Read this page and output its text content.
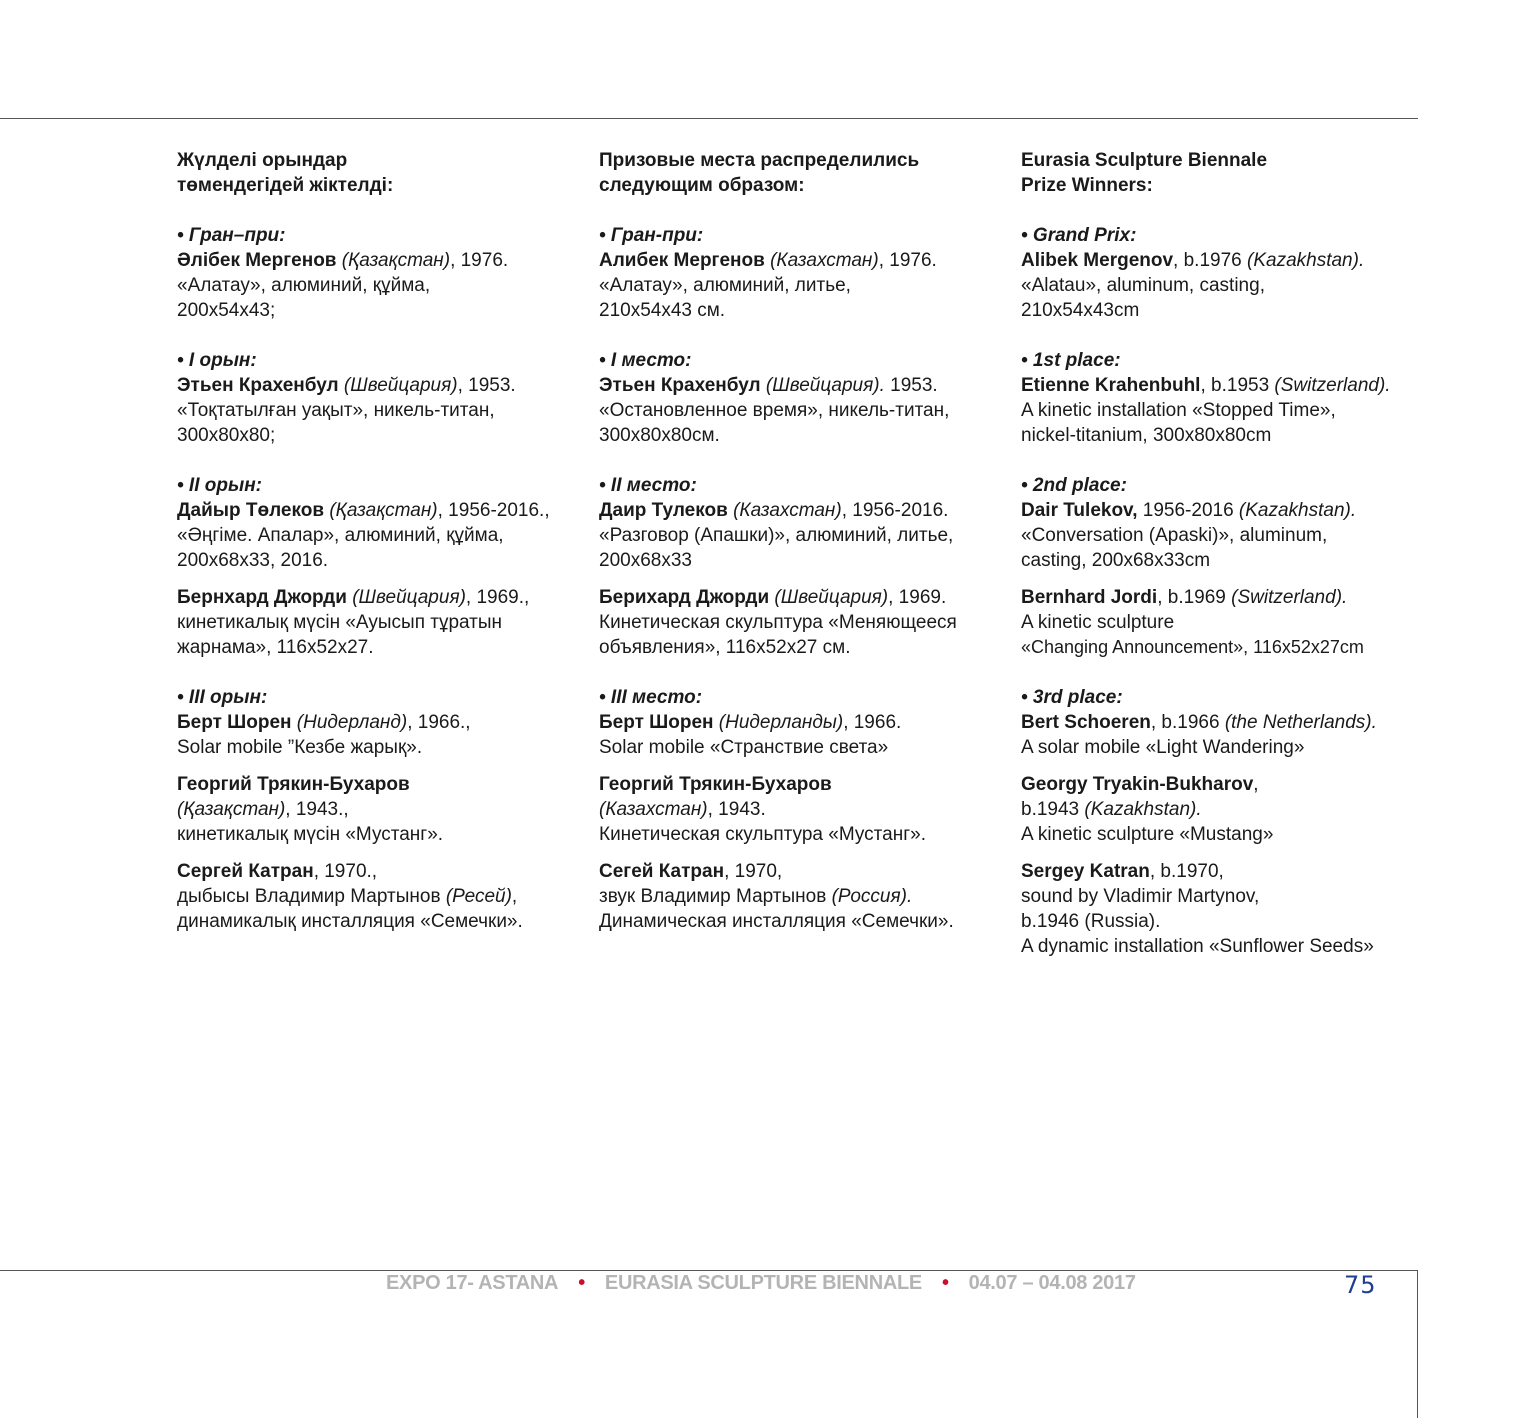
Жүлделі орындар
төмендегідей жіктелді:
• Гран–при:
Әлібек Мергенов (Қазақстан), 1976.
«Алатау», алюминий, құйма,
200x54x43;
• I орын:
Этьен Крахенбул (Швейцария), 1953.
«Тоқтатылған уақыт», никель-титан,
300x80x80;
• II орын:
Дайыр Төлеков (Қазақстан), 1956-2016.,
«Әңгіме. Апалар», алюминий, құйма,
200x68x33, 2016.
Бернхард Джорди (Швейцария), 1969.,
кинетикалық мүсін «Ауысып тұратын
жарнама», 116x52x27.
• III орын:
Берт Шорен (Нидерланд), 1966.,
Solar mobile ”Кезбе жарық».
Георгий Трякин-Бухаров
(Қазақстан), 1943.,
кинетикалық мүсін «Мустанг».
Сергей Катран, 1970.,
дыбысы Владимир Мартынов (Ресей),
динамикалық инсталляция «Семечки».
Призовые места распределились
следующим образом:
• Гран-при:
Алибек Мергенов (Казахстан), 1976.
«Алатау», алюминий, литье,
210x54x43 см.
• I место:
Этьен Крахенбул (Швейцария). 1953.
«Остановленное время», никель-титан,
300x80x80см.
• II место:
Даир Тулеков (Казахстан), 1956-2016.
«Разговор (Апашки)», алюминий, литье,
200x68x33
Берихард Джорди (Швейцария), 1969.
Кинетическая скульптура «Меняющееся
объявления», 116x52x27 см.
• III место:
Берт Шорен (Нидерланды), 1966.
Solar mobile «Странствие света»
Георгий Трякин-Бухаров
(Казахстан), 1943.
Кинетическая скульптура «Мустанг».
Сегей Катран, 1970,
звук Владимир Мартынов (Россия).
Динамическая инсталляция «Семечки».
Eurasia Sculpture Biennale
Prize Winners:
• Grand Prix:
Alibek Mergenov, b.1976 (Kazakhstan).
«Alatau», aluminum, casting,
210x54x43cm
• 1st place:
Etienne Krahenbuhl, b.1953 (Switzerland).
A kinetic installation «Stopped Time»,
nickel-titanium, 300x80x80cm
• 2nd place:
Dair Tulekov, 1956-2016 (Kazakhstan).
«Conversation (Apaski)», aluminum,
casting, 200x68x33cm
Bernhard Jordi, b.1969 (Switzerland).
A kinetic sculpture
«Changing Announcement», 116x52x27cm
• 3rd place:
Bert Schoeren, b.1966 (the Netherlands).
A solar mobile «Light Wandering»
Georgy Tryakin-Bukharov,
b.1943 (Kazakhstan).
A kinetic sculpture «Mustang»
Sergey Katran, b.1970,
sound by Vladimir Martynov,
b.1946 (Russia).
A dynamic installation «Sunflower Seeds»
EXPO 17- ASTANA • EURASIA SCULPTURE BIENNALE • 04.07 – 04.08 2017	75
